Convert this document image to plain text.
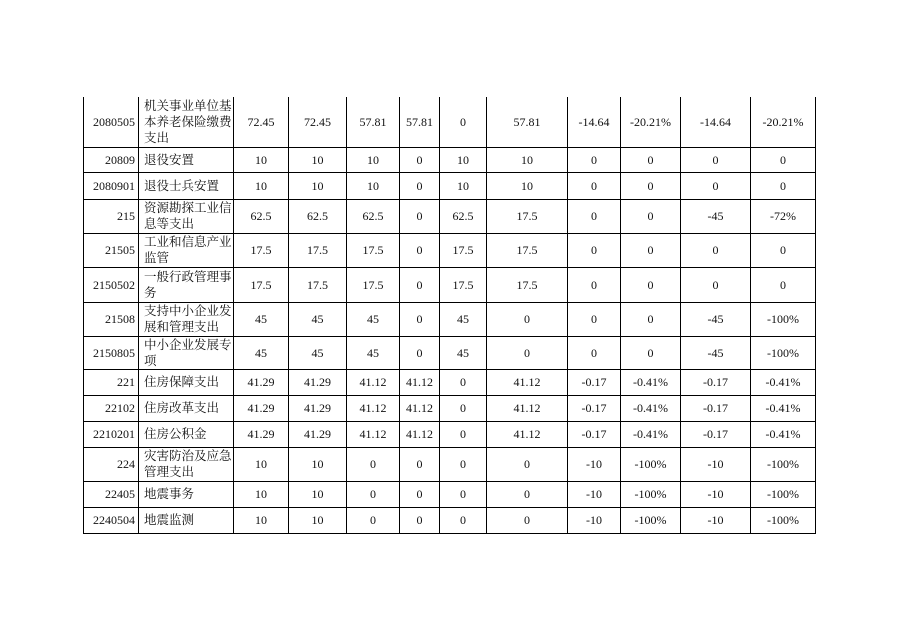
2080505	机关事业单位基本养老保险缴费支出	72.45	72.45	57.81	57.81	0	57.81	-14.64	-20.21%	-14.64	-20.21%
20809	退役安置	10	10	10	0	10	10	0	0	0	0
2080901	退役士兵安置	10	10	10	0	10	10	0	0	0	0
215	资源勘探工业信息等支出	62.5	62.5	62.5	0	62.5	17.5	0	0	-45	-72%
21505	工业和信息产业监管	17.5	17.5	17.5	0	17.5	17.5	0	0	0	0
2150502	一般行政管理事务	17.5	17.5	17.5	0	17.5	17.5	0	0	0	0
21508	支持中小企业发展和管理支出	45	45	45	0	45	0	0	0	-45	-100%
2150805	中小企业发展专项	45	45	45	0	45	0	0	0	-45	-100%
221	住房保障支出	41.29	41.29	41.12	41.12	0	41.12	-0.17	-0.41%	-0.17	-0.41%
22102	住房改革支出	41.29	41.29	41.12	41.12	0	41.12	-0.17	-0.41%	-0.17	-0.41%
2210201	住房公积金	41.29	41.29	41.12	41.12	0	41.12	-0.17	-0.41%	-0.17	-0.41%
224	灾害防治及应急管理支出	10	10	0	0	0	0	-10	-100%	-10	-100%
22405	地震事务	10	10	0	0	0	0	-10	-100%	-10	-100%
2240504	地震监测	10	10	0	0	0	0	-10	-100%	-10	-100%
